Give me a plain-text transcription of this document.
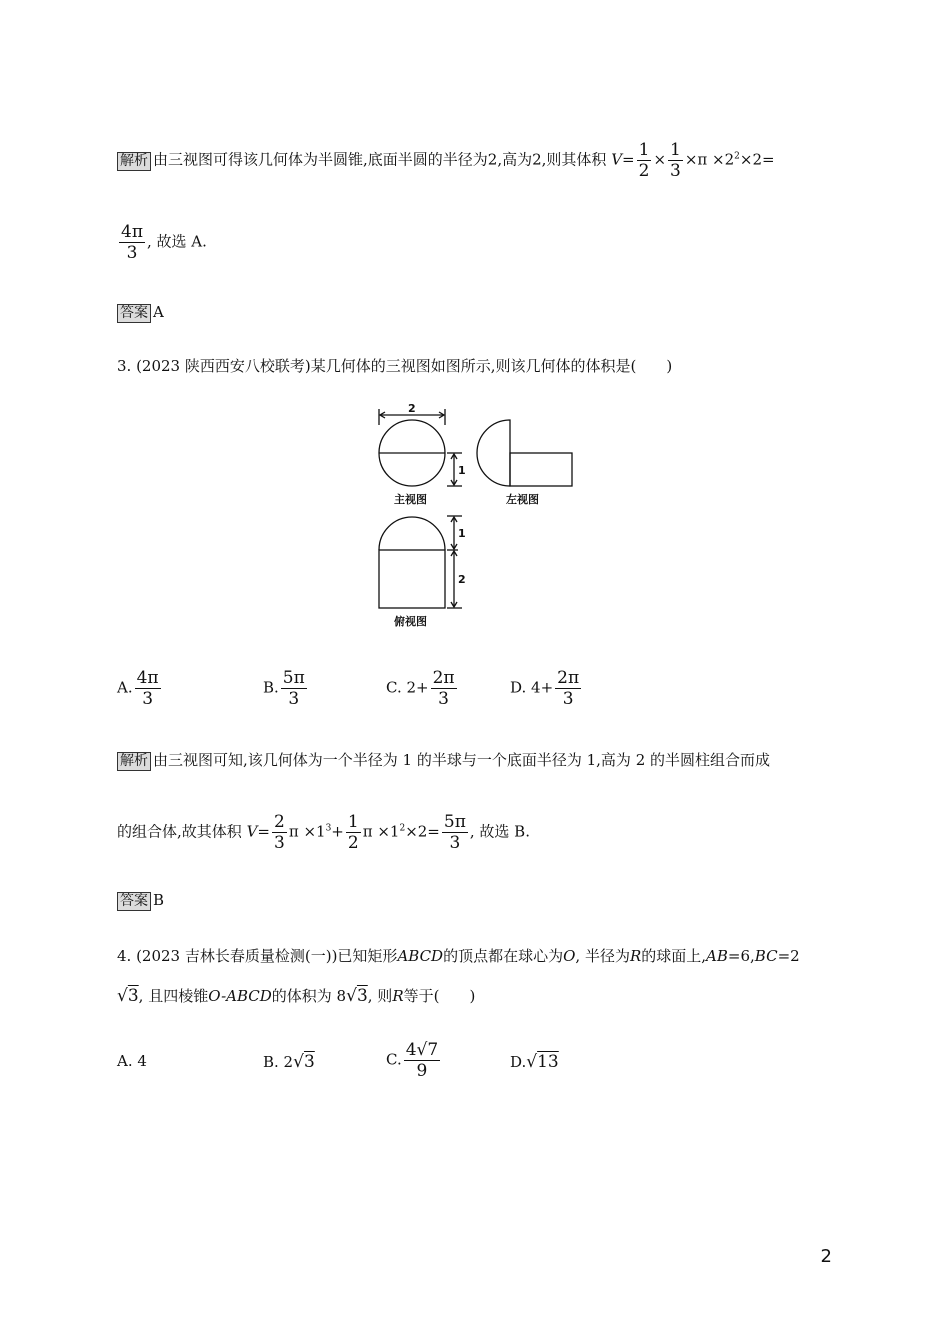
解析 由三视图可得该几何体为半圆锥,底面半圆的半径为2,高为2,则其体积 $V= \frac{1}{2} \times \frac{1}{3} \times\pi \times 2^2\times 2=$
$\frac{4\pi}{3}$ , 故选 A.
答案 A
3. (2023 陕西西安八校联考)某几何体的三视图如图所示,则该几何体的体积是(　　)
2
1
1
2
主视图	左视图
俯视图
A. $\frac{4\pi}{3}$	B. $\frac{5\pi}{3}$	C. $2+ \frac{2\pi}{3}$	D. $4+ \frac{2\pi}{3}$
解析 由三视图可知,该几何体为一个半径为 1 的半球与一个底面半径为 1,高为 2 的半圆柱组合而成
的组合体,故其体积 $V= \frac{2}{3}$ $\pi \times 1^3+ \frac{1}{2}$ $\pi \times 1^2\times 2= \frac{5\pi}{3}$ , 故选 B.
答案 B
4. (2023 吉林长春质量检测(一))已知矩形ABCD的顶点都在球心为O, 半径为R的球面上,AB=6,BC=2
√3, 且四棱锥O-ABCD的体积为 8√3, 则R等于(　　)
A. 4	B. 2√3	C. $\frac{4√7}{9}$	D.√13
2
